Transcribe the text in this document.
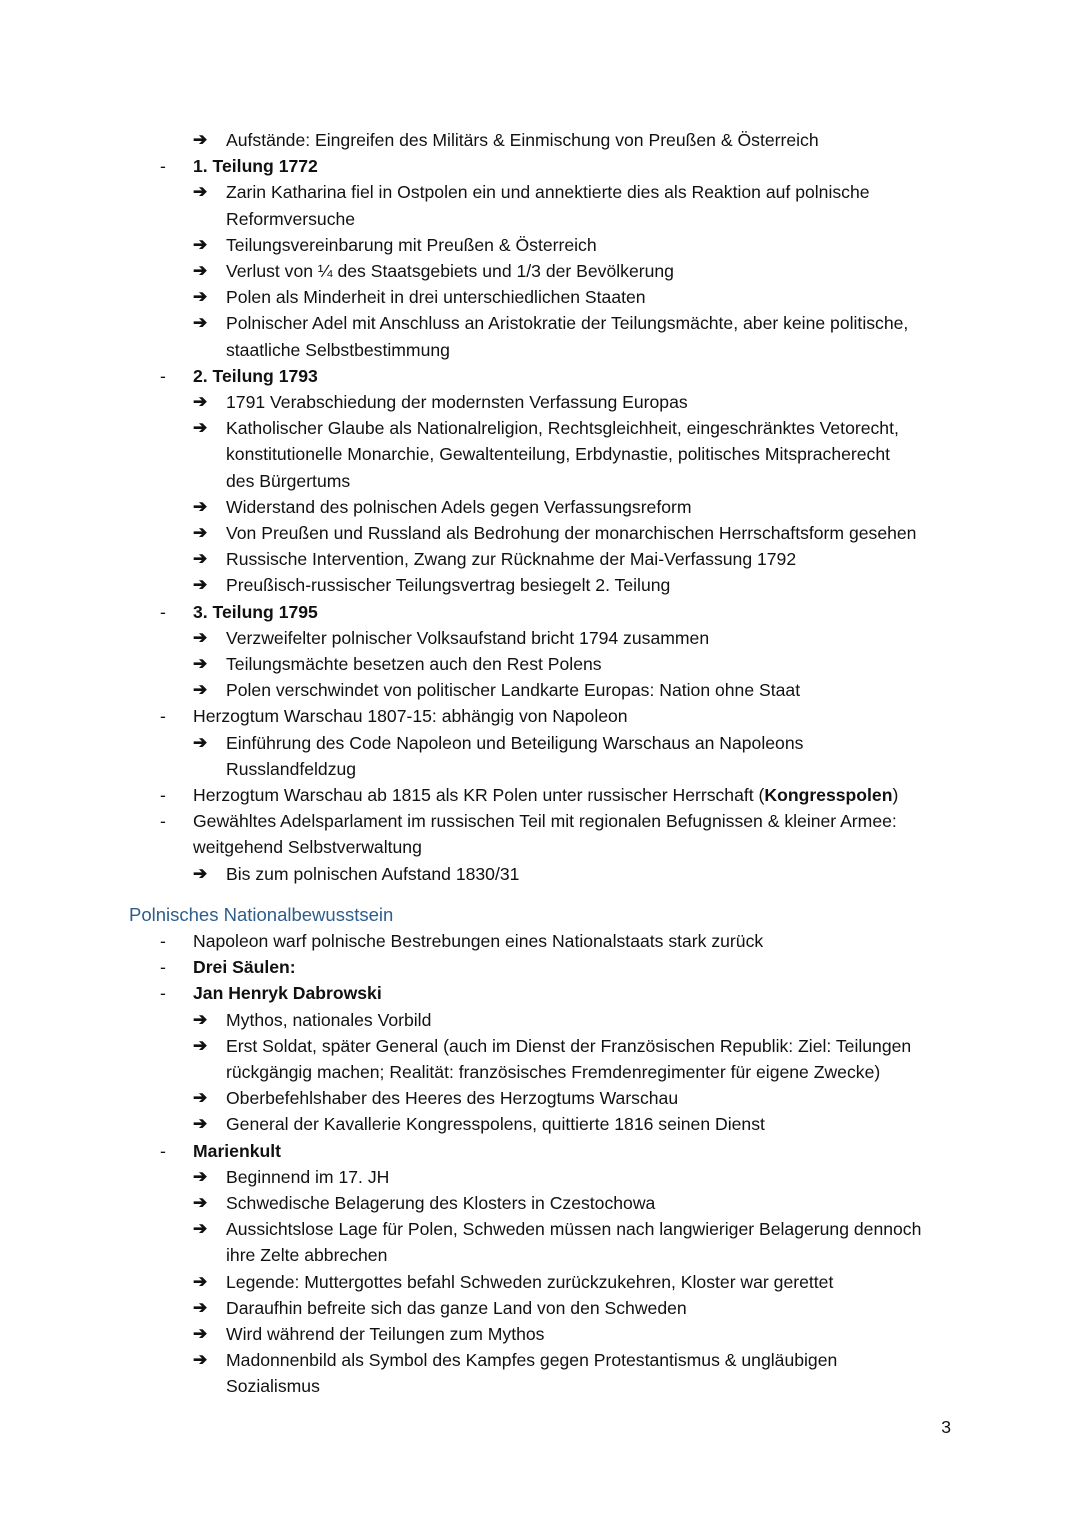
➔ Aufstände: Eingreifen des Militärs & Einmischung von Preußen & Österreich
- 1. Teilung 1772
➔ Zarin Katharina fiel in Ostpolen ein und annektierte dies als Reaktion auf polnische
Reformversuche
➔ Teilungsvereinbarung mit Preußen & Österreich
➔ Verlust von ¼ des Staatsgebiets und 1/3 der Bevölkerung
➔ Polen als Minderheit in drei unterschiedlichen Staaten
➔ Polnischer Adel mit Anschluss an Aristokratie der Teilungsmächte, aber keine politische,
staatliche Selbstbestimmung
- 2. Teilung 1793
➔ 1791 Verabschiedung der modernsten Verfassung Europas
➔ Katholischer Glaube als Nationalreligion, Rechtsgleichheit, eingeschränktes Vetorecht,
konstitutionelle Monarchie, Gewaltenteilung, Erbdynastie, politisches Mitspracherecht
des Bürgertums
➔ Widerstand des polnischen Adels gegen Verfassungsreform
➔ Von Preußen und Russland als Bedrohung der monarchischen Herrschaftsform gesehen
➔ Russische Intervention, Zwang zur Rücknahme der Mai-Verfassung 1792
➔ Preußisch-russischer Teilungsvertrag besiegelt 2. Teilung
- 3. Teilung 1795
➔ Verzweifelter polnischer Volksaufstand bricht 1794 zusammen
➔ Teilungsmächte besetzen auch den Rest Polens
➔ Polen verschwindet von politischer Landkarte Europas: Nation ohne Staat
- Herzogtum Warschau 1807-15: abhängig von Napoleon
➔ Einführung des Code Napoleon und Beteiligung Warschaus an Napoleons
Russlandfeldzug
- Herzogtum Warschau ab 1815 als KR Polen unter russischer Herrschaft (Kongresspolen)
- Gewähltes Adelsparlament im russischen Teil mit regionalen Befugnissen & kleiner Armee:
weitgehend Selbstverwaltung
➔ Bis zum polnischen Aufstand 1830/31
Polnisches Nationalbewusstsein
- Napoleon warf polnische Bestrebungen eines Nationalstaats stark zurück
- Drei Säulen:
- Jan Henryk Dabrowski
➔ Mythos, nationales Vorbild
➔ Erst Soldat, später General (auch im Dienst der Französischen Republik: Ziel: Teilungen
rückgängig machen; Realität: französisches Fremdenregimenter für eigene Zwecke)
➔ Oberbefehlshaber des Heeres des Herzogtums Warschau
➔ General der Kavallerie Kongresspolens, quittierte 1816 seinen Dienst
- Marienkult
➔ Beginnend im 17. JH
➔ Schwedische Belagerung des Klosters in Czestochowa
➔ Aussichtslose Lage für Polen, Schweden müssen nach langwieriger Belagerung dennoch
ihre Zelte abbrechen
➔ Legende: Muttergottes befahl Schweden zurückzukehren, Kloster war gerettet
➔ Daraufhin befreite sich das ganze Land von den Schweden
➔ Wird während der Teilungen zum Mythos
➔ Madonnenbild als Symbol des Kampfes gegen Protestantismus & ungläubigen
Sozialismus
3
